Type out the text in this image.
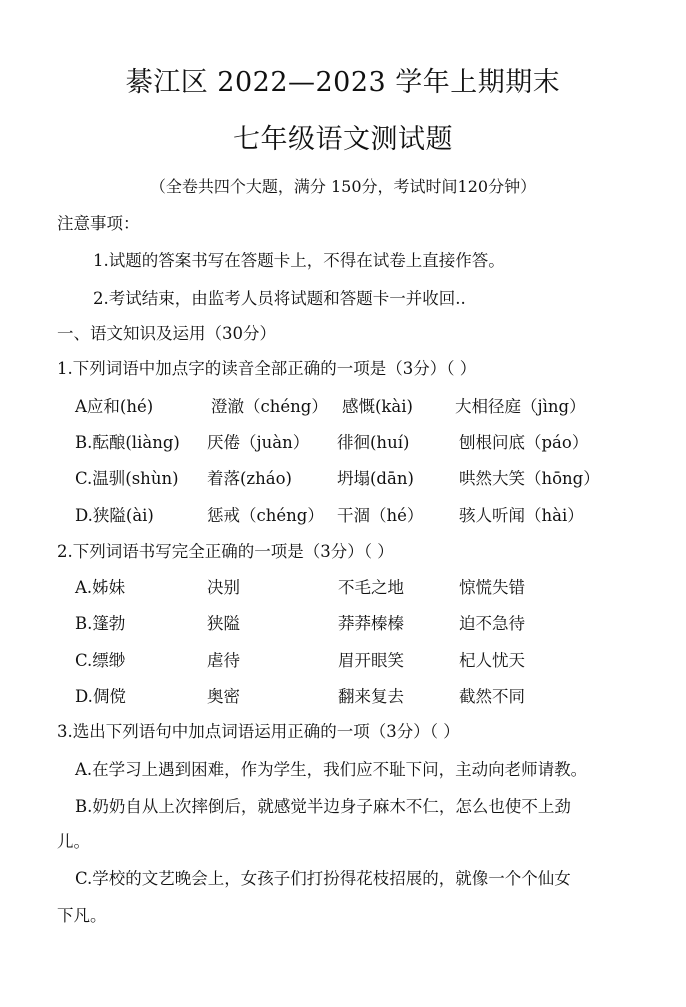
綦江区 2022—2023 学年上期期末
七年级语文测试题
（全卷共四个大题，满分 150分，考试时间120分钟）
注意事项：
1.试题的答案书写在答题卡上，不得在试卷上直接作答。
2.考试结束，由监考人员将试题和答题卡一并收回..
一、语文知识及运用（30分）
1.下列词语中加点字的读音全部正确的一项是（3分）（ ）
A应和(hé)	澄澈（chéng） 感慨(kài)	大相径庭（jìng）
B.酝酿(liàng) 厌倦（juàn） 徘徊(huí)	刨根问底（páo）
C.温驯(shùn) 着落(zháo)	坍塌(dān)	哄然大笑（hōng）
D.狭隘(ài)	惩戒（chéng） 干涸（hé） 骇人听闻（hài）
2.下列词语书写完全正确的一项是（3分）（ ）
A.姊妹	决别	不毛之地	惊慌失错
B.篷勃	狭隘	莽莽榛榛	迫不急待
C.缥缈	虐待	眉开眼笑	杞人忧天
D.倜傥	奥密	翻来复去	截然不同
3.选出下列语句中加点词语运用正确的一项（3分）（ ）
A.在学习上遇到困难，作为学生，我们应不耻下问，主动向老师请教。
B.奶奶自从上次摔倒后，就感觉半边身子麻木不仁，怎么也使不上劲
儿。
C.学校的文艺晚会上，女孩子们打扮得花枝招展的，就像一个个仙女
下凡。
